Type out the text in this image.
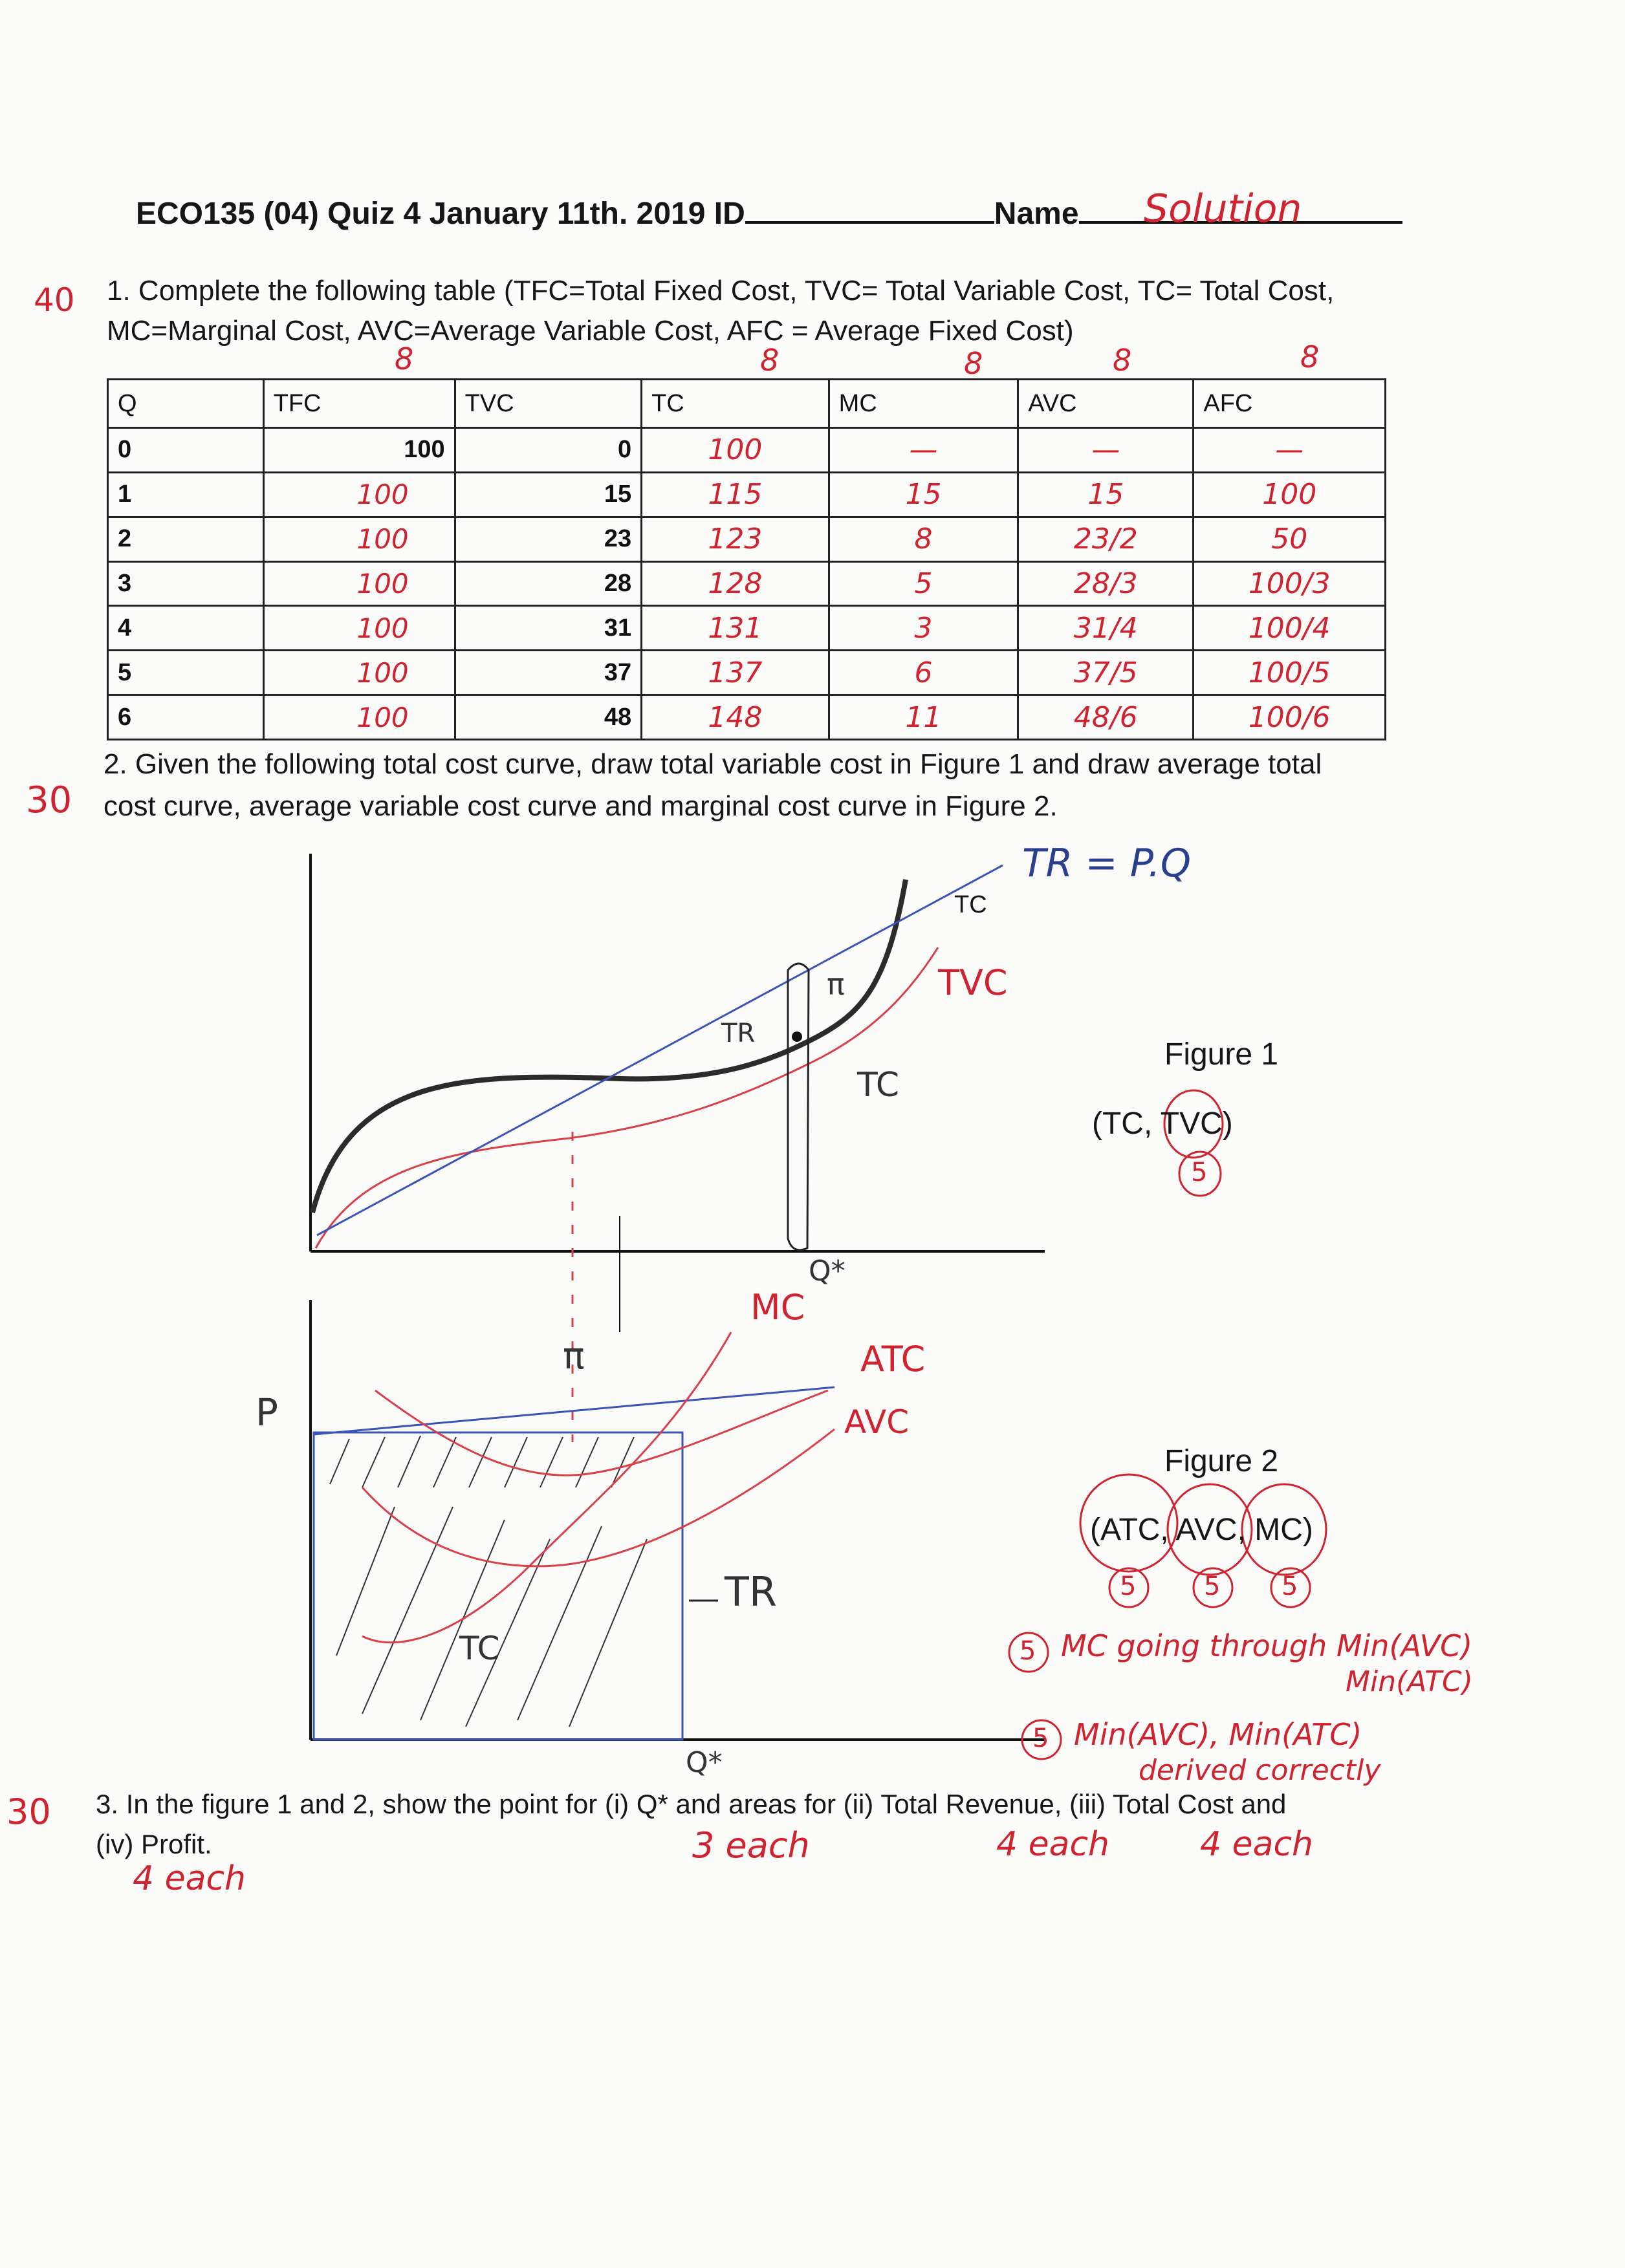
ECO135 (04) Quiz 4 January 11th. 2019 ID	Name	Solution
40 1. Complete the following table (TFC=Total Fixed Cost, TVC= Total Variable Cost, TC= Total Cost,
MC=Marginal Cost, AVC=Average Variable Cost, AFC = Average Fixed Cost)
8	8	8	8	8
Q	TFC	TVC	TC	MC	AVC	AFC
0	100	0	100	—	—	—
1	100	15	115	15	15	100
2	100	23	123	8	23/2	50
3	100	28	128	5	28/3	100/3
4	100	31	131	3	31/4	100/4
5	100	37	137	6	37/5	100/5
6	100	48	148	11	48/6	100/6
30
2. Given the following total cost curve, draw total variable cost in Figure 1 and draw average total
cost curve, average variable cost curve and marginal cost curve in Figure 2.
TC
TR = P.Q
TVC
TR
π
TC
Q*
Figure 1
(TC, TVC)
5
MC
ATC
AVC
P
π
TR
TC
Q*
Figure 2
(ATC, AVC, MC)
5	5 5
5 MC going through Min(AVC)
Min(ATC)
5 Min(AVC), Min(ATC)
derived correctly
30 3. In the figure 1 and 2, show the point for (i) Q* and areas for (ii) Total Revenue, (iii) Total Cost and
(iv) Profit.	3 each	4 each	4 each
4 each
